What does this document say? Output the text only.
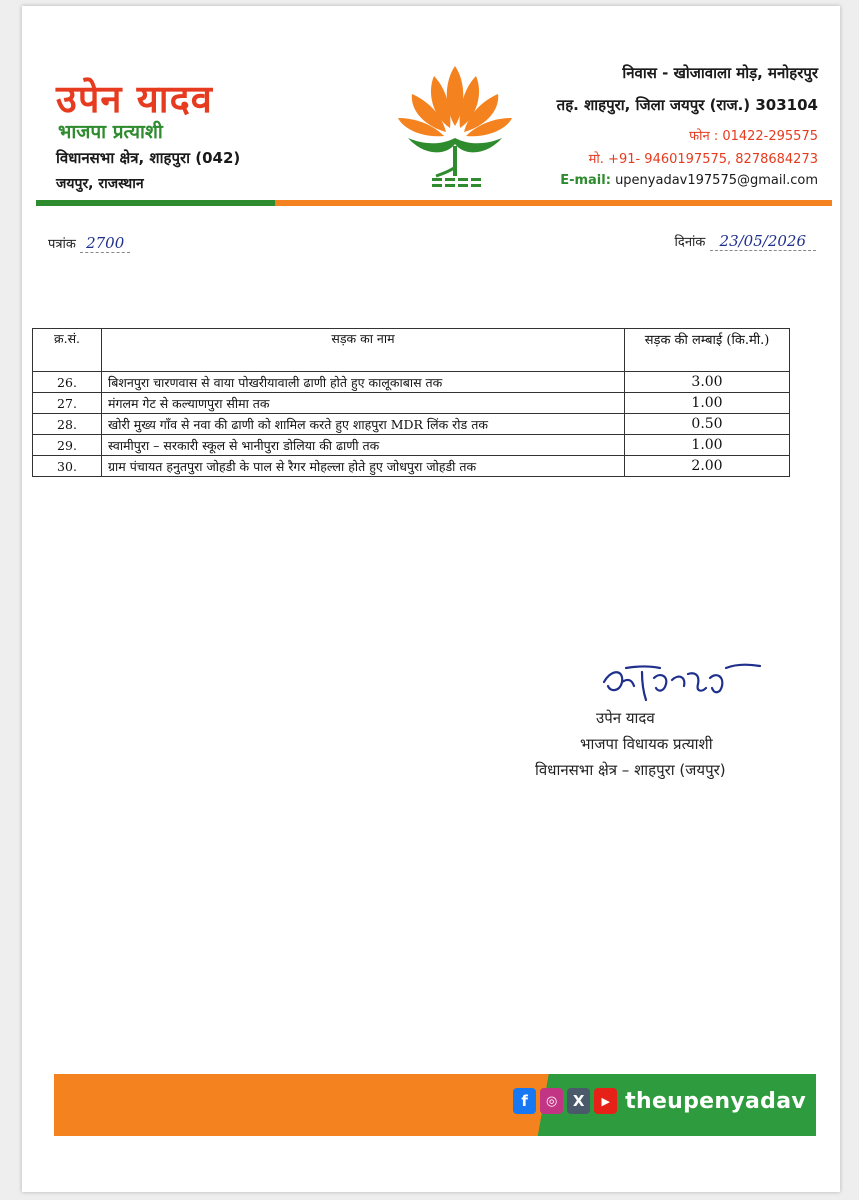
उपेन यादव
भाजपा प्रत्याशी
विधानसभा क्षेत्र, शाहपुरा (042)
जयपुर, राजस्थान
निवास - खोजावाला मोड़, मनोहरपुर
तह. शाहपुरा, जिला जयपुर (राज.) 303104
फोन : 01422-295575
मो. +91- 9460197575, 8278684273
E-mail: upenyadav197575@gmail.com
पत्रांक 2700	दिनांक 23/05/2026
क्र.सं.	सड़क का नाम	सड़क की लम्बाई (कि.मी.)
26.	बिशनपुरा चारणवास से वाया पोखरीयावाली ढाणी होते हुए कालूकाबास तक	3.00
27.	मंगलम गेट से कल्याणपुरा सीमा तक	1.00
28.	खोरी मुख्य गाँव से नवा की ढाणी को शामिल करते हुए शाहपुरा MDR लिंक रोड तक	0.50
29.	स्वामीपुरा – सरकारी स्कूल से भानीपुरा डोलिया की ढाणी तक	1.00
30.	ग्राम पंचायत हनुतपुरा जोहडी के पाल से रैगर मोहल्ला होते हुए जोधपुरा जोहडी तक	2.00
उपेन यादव
भाजपा विधायक प्रत्याशी
विधानसभा क्षेत्र – शाहपुरा (जयपुर)
f	◎	X	▶ theupenyadav
